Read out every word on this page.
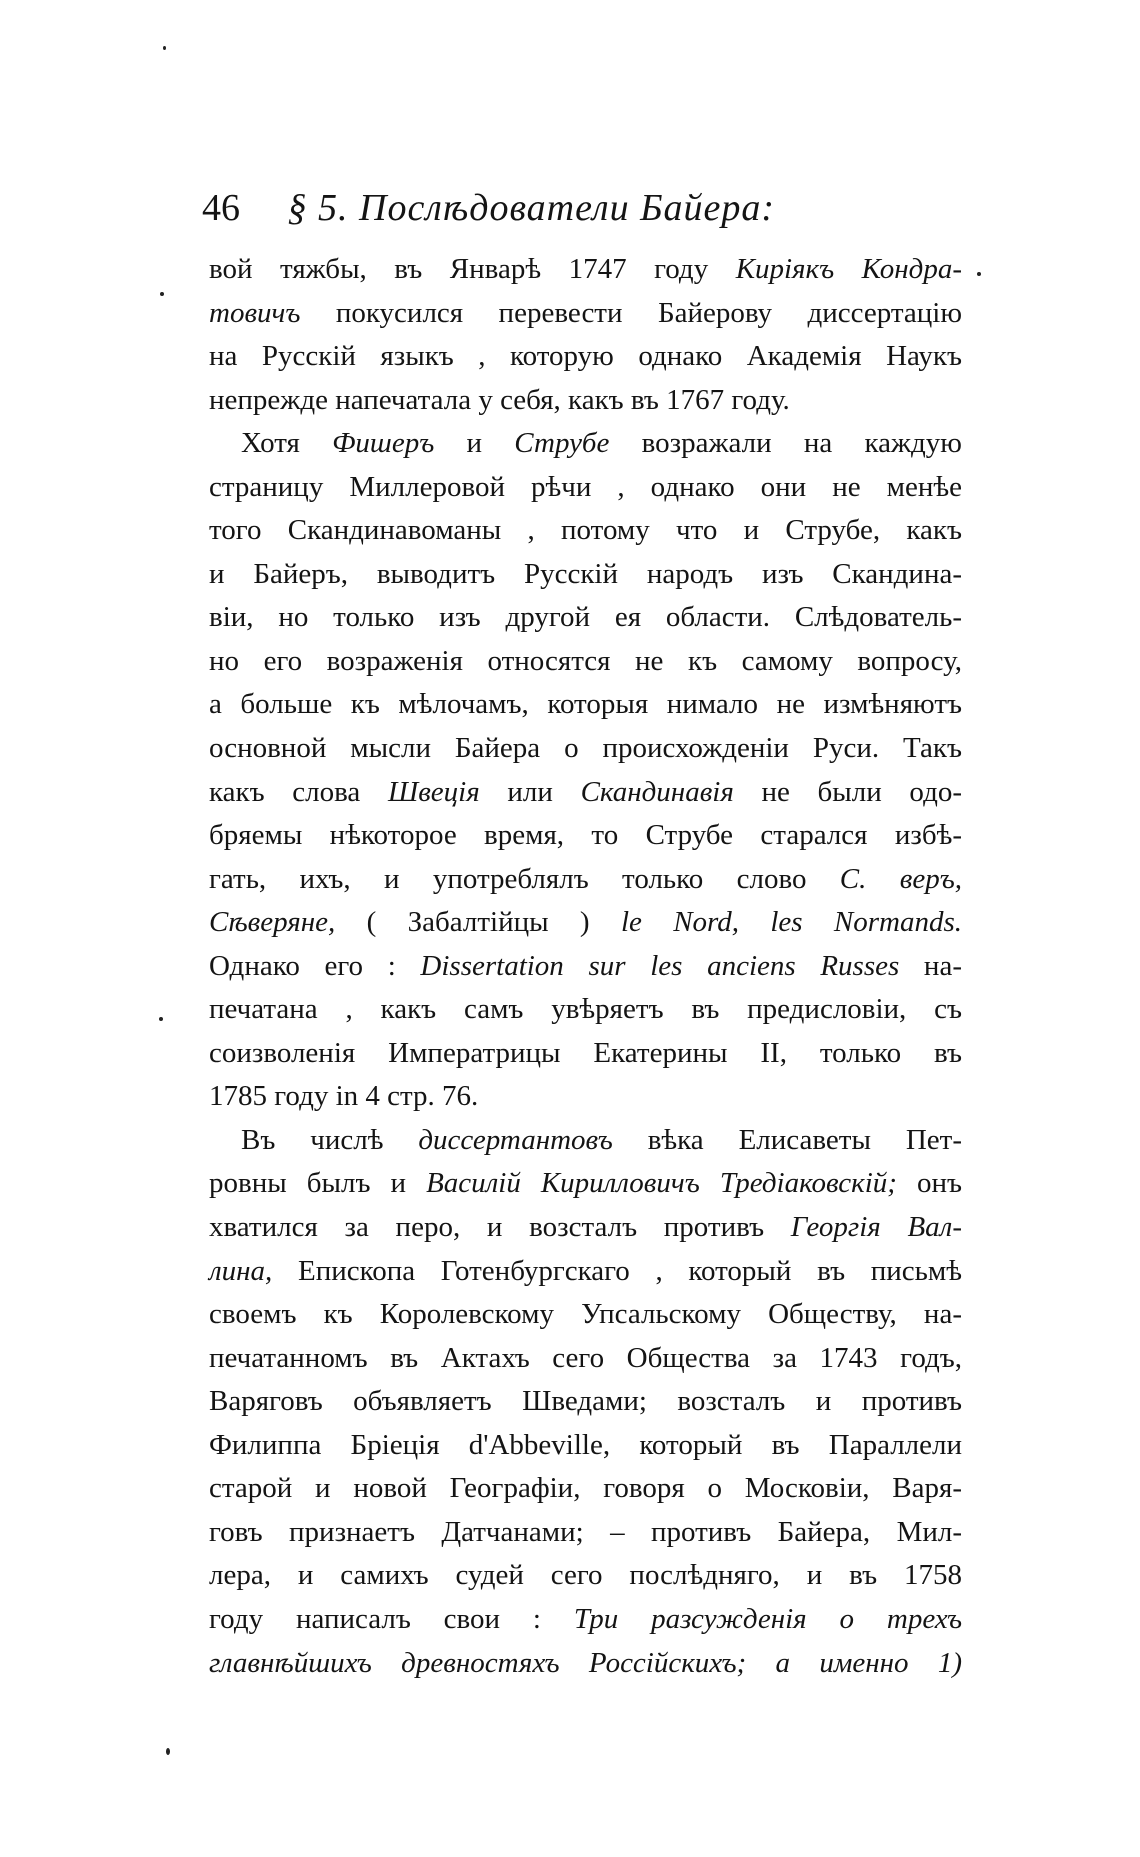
46 § 5. Послѣдователи Байера:
вой тяжбы, въ Январѣ 1747 году Киріякъ Кондра-
товичъ покусился перевести Байерову диссертацію
на Русскій языкъ , которую однако Академія Наукъ
непрежде напечатала у себя, какъ въ 1767 году.
Хотя Фишеръ и Струбе возражали на каждую
страницу Миллеровой рѣчи , однако они не менѣе
того Скандинавоманы , потому что и Струбе, какъ
и Байеръ, выводитъ Русскій народъ изъ Скандина-
віи, но только изъ другой ея области. Слѣдователь-
но его возраженія относятся не къ самому вопросу,
а больше къ мѣлочамъ, которыя нимало не измѣняютъ
основной мысли Байера о происхожденіи Руси. Такъ
какъ слова Швеція или Скандинавія не были одо-
бряемы нѣкоторое время, то Струбе старался избѣ-
гать, ихъ, и употреблялъ только слово С. веръ,
Сѣверяне, ( Забалтійцы ) le Nord, les Normands.
Однако его : Dissertation sur les anciens Russes на-
печатана , какъ самъ увѣряетъ въ предисловіи, съ
соизволенія Императрицы Екатерины II, только въ
1785 году in 4 стр. 76.
Въ числѣ диссертантовъ вѣка Елисаветы Пет-
ровны былъ и Василій Кирилловичъ Тредіаковскій; онъ
хватился за перо, и возсталъ противъ Георгія Вал-
лина, Епископа Готенбургскаго , который въ письмѣ
своемъ къ Королевскому Упсальскому Обществу, на-
печатанномъ въ Актахъ сего Общества за 1743 годъ,
Варяговъ объявляетъ Шведами; возсталъ и противъ
Филиппа Бріеція d'Abbeville, который въ Параллели
старой и новой Географіи, говоря о Московіи, Варя-
говъ признаетъ Датчанами; – противъ Байера, Мил-
лера, и самихъ судей сего послѣдняго, и въ 1758
году написалъ свои : Три разсужденія о трехъ
главнѣйшихъ древностяхъ Россійскихъ; а именно 1)
